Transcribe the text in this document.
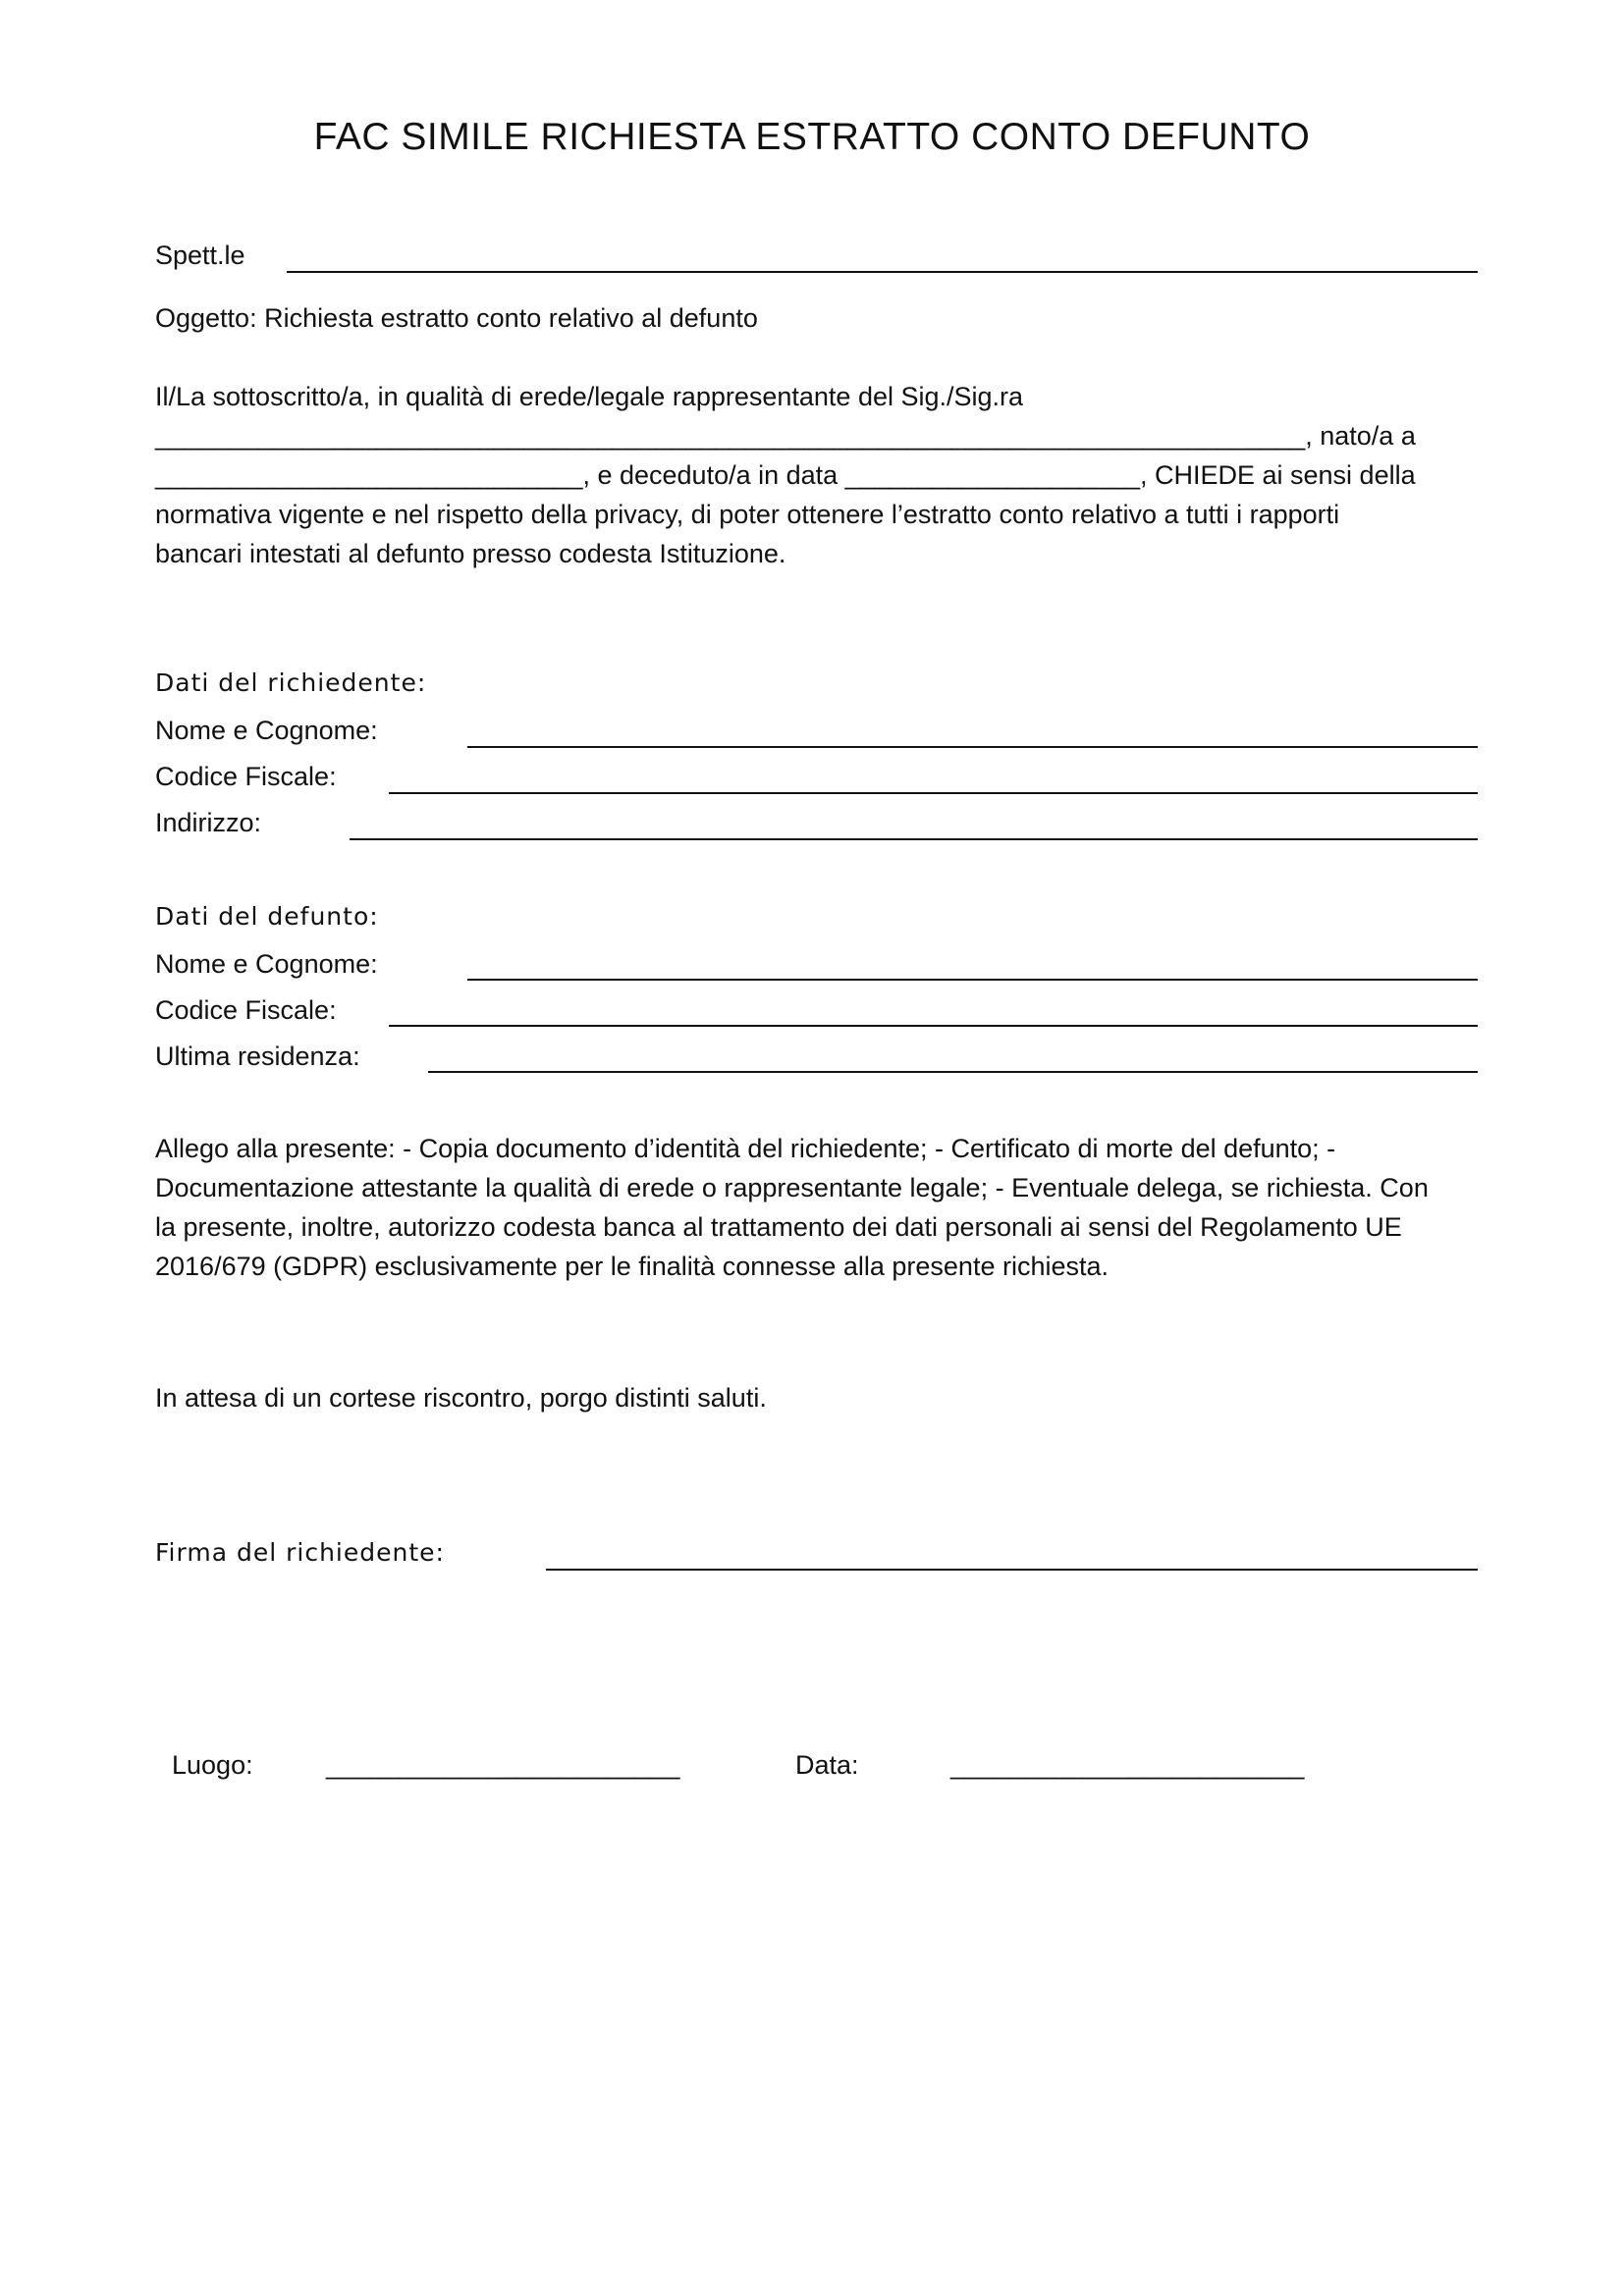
FAC SIMILE RICHIESTA ESTRATTO CONTO DEFUNTO
Spett.le
Oggetto: Richiesta estratto conto relativo al defunto

Il/La sottoscritto/a, in qualità di erede/legale rappresentante del Sig./Sig.ra

______________________________________________________________________________, nato/a a

_____________________________, e deceduto/a in data ____________________, CHIEDE ai sensi della

normativa vigente e nel rispetto della privacy, di poter ottenere l’estratto conto relativo a tutti i rapporti

bancari intestati al defunto presso codesta Istituzione.

Dati del richiedente:
Nome e Cognome:
Codice Fiscale:
Indirizzo:
Dati del defunto:
Nome e Cognome:
Codice Fiscale:
Ultima residenza:

Allego alla presente: - Copia documento d’identità del richiedente; - Certificato di morte del defunto; -

Documentazione attestante la qualità di erede o rappresentante legale; - Eventuale delega, se richiesta. Con

la presente, inoltre, autorizzo codesta banca al trattamento dei dati personali ai sensi del Regolamento UE

2016/679 (GDPR) esclusivamente per le finalità connesse alla presente richiesta.

In attesa di un cortese riscontro, porgo distinti saluti.
Firma del richiedente:
Luogo:	________________________	Data:	________________________
